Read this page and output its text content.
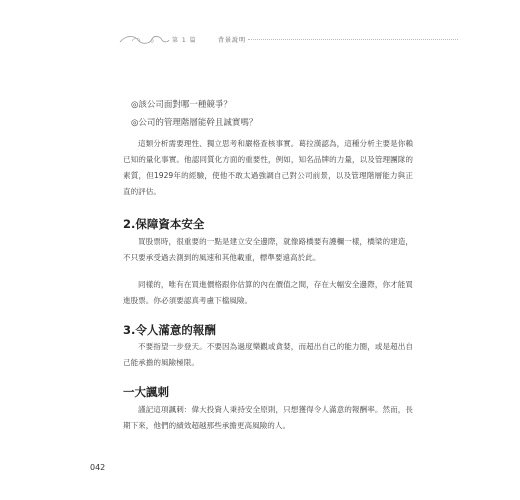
第 1 篇	背景說明
◎該公司面對哪一種競爭？
◎公司的管理階層能幹且誠實嗎？

這類分析需要理性、獨立思考和嚴格查核事實。葛拉漢認為，這種分析主要是你賴已知的量化事實。他認同質化方面的重要性，例如，知名品牌的力量，以及管理團隊的素質，但1929年的經驗，使他不敢太過強調自己對公司前景，以及管理階層能力與正直的評估。

2.保障資本安全

買股票時，很重要的一點是建立安全邊際，就像路橋要有護欄一樣，橋梁的建造，不只要承受過去測到的風速和其他載重，標準要遠高於此。

同樣的，唯有在買進價格跟你估算的內在價值之間，存在大幅安全邊際，你才能買進股票。你必須要認真考慮下檔風險。

3.令人滿意的報酬

不要指望一步登天。不要因為過度樂觀或貪婪，而超出自己的能力圈，或是超出自己能承擔的風險極限。

一大諷刺

謹記這項諷刺：偉大投資人秉持安全原則，只想獲得令人滿意的報酬率。然而，長期下來，他們的績效超越那些承擔更高風險的人。

042
